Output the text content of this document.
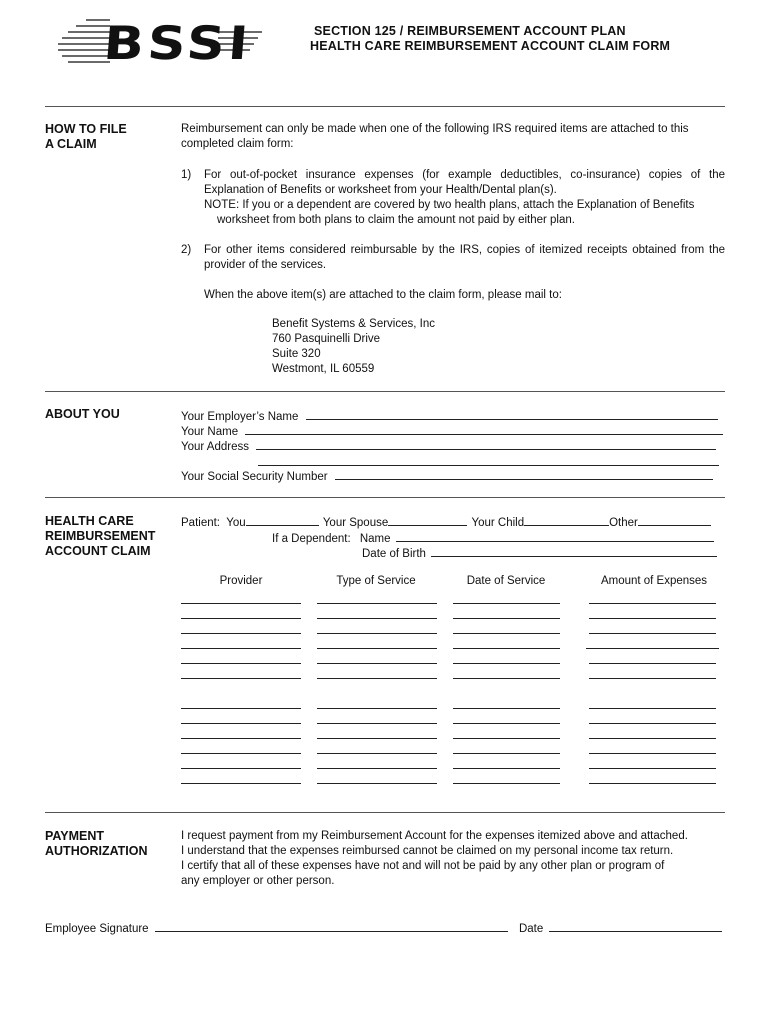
BSSI	SECTION 125 / REIMBURSEMENT ACCOUNT PLAN
HEALTH CARE REIMBURSEMENT ACCOUNT CLAIM FORM
HOW TO FILE
A CLAIM
Reimbursement can only be made when one of the following IRS required items are attached to this completed claim form:
1) For out-of-pocket insurance expenses (for example deductibles, co-insurance) copies of the Explanation of Benefits or worksheet from your Health/Dental plan(s).
NOTE: If you or a dependent are covered by two health plans, attach the Explanation of Benefits
worksheet from both plans to claim the amount not paid by either plan.
2) For other items considered reimbursable by the IRS, copies of itemized receipts obtained from the provider of the services.
When the above item(s) are attached to the claim form, please mail to:
Benefit Systems & Services, Inc
760 Pasquinelli Drive
Suite 320
Westmont, IL 60559
ABOUT YOU	Your Employer’s Name
Your Name
Your Address
Your Social Security Number
HEALTH CARE
REIMBURSEMENT
ACCOUNT CLAIM
Patient: You	Your Spouse	Your Child	Other
If a Dependent: Name
Date of Birth
Provider	Type of Service	Date of Service	Amount of Expenses
PAYMENT
AUTHORIZATION
I request payment from my Reimbursement Account for the expenses itemized above and attached.
I understand that the expenses reimbursed cannot be claimed on my personal income tax return.
I certify that all of these expenses have not and will not be paid by any other plan or program of
any employer or other person.
Employee Signature	Date
